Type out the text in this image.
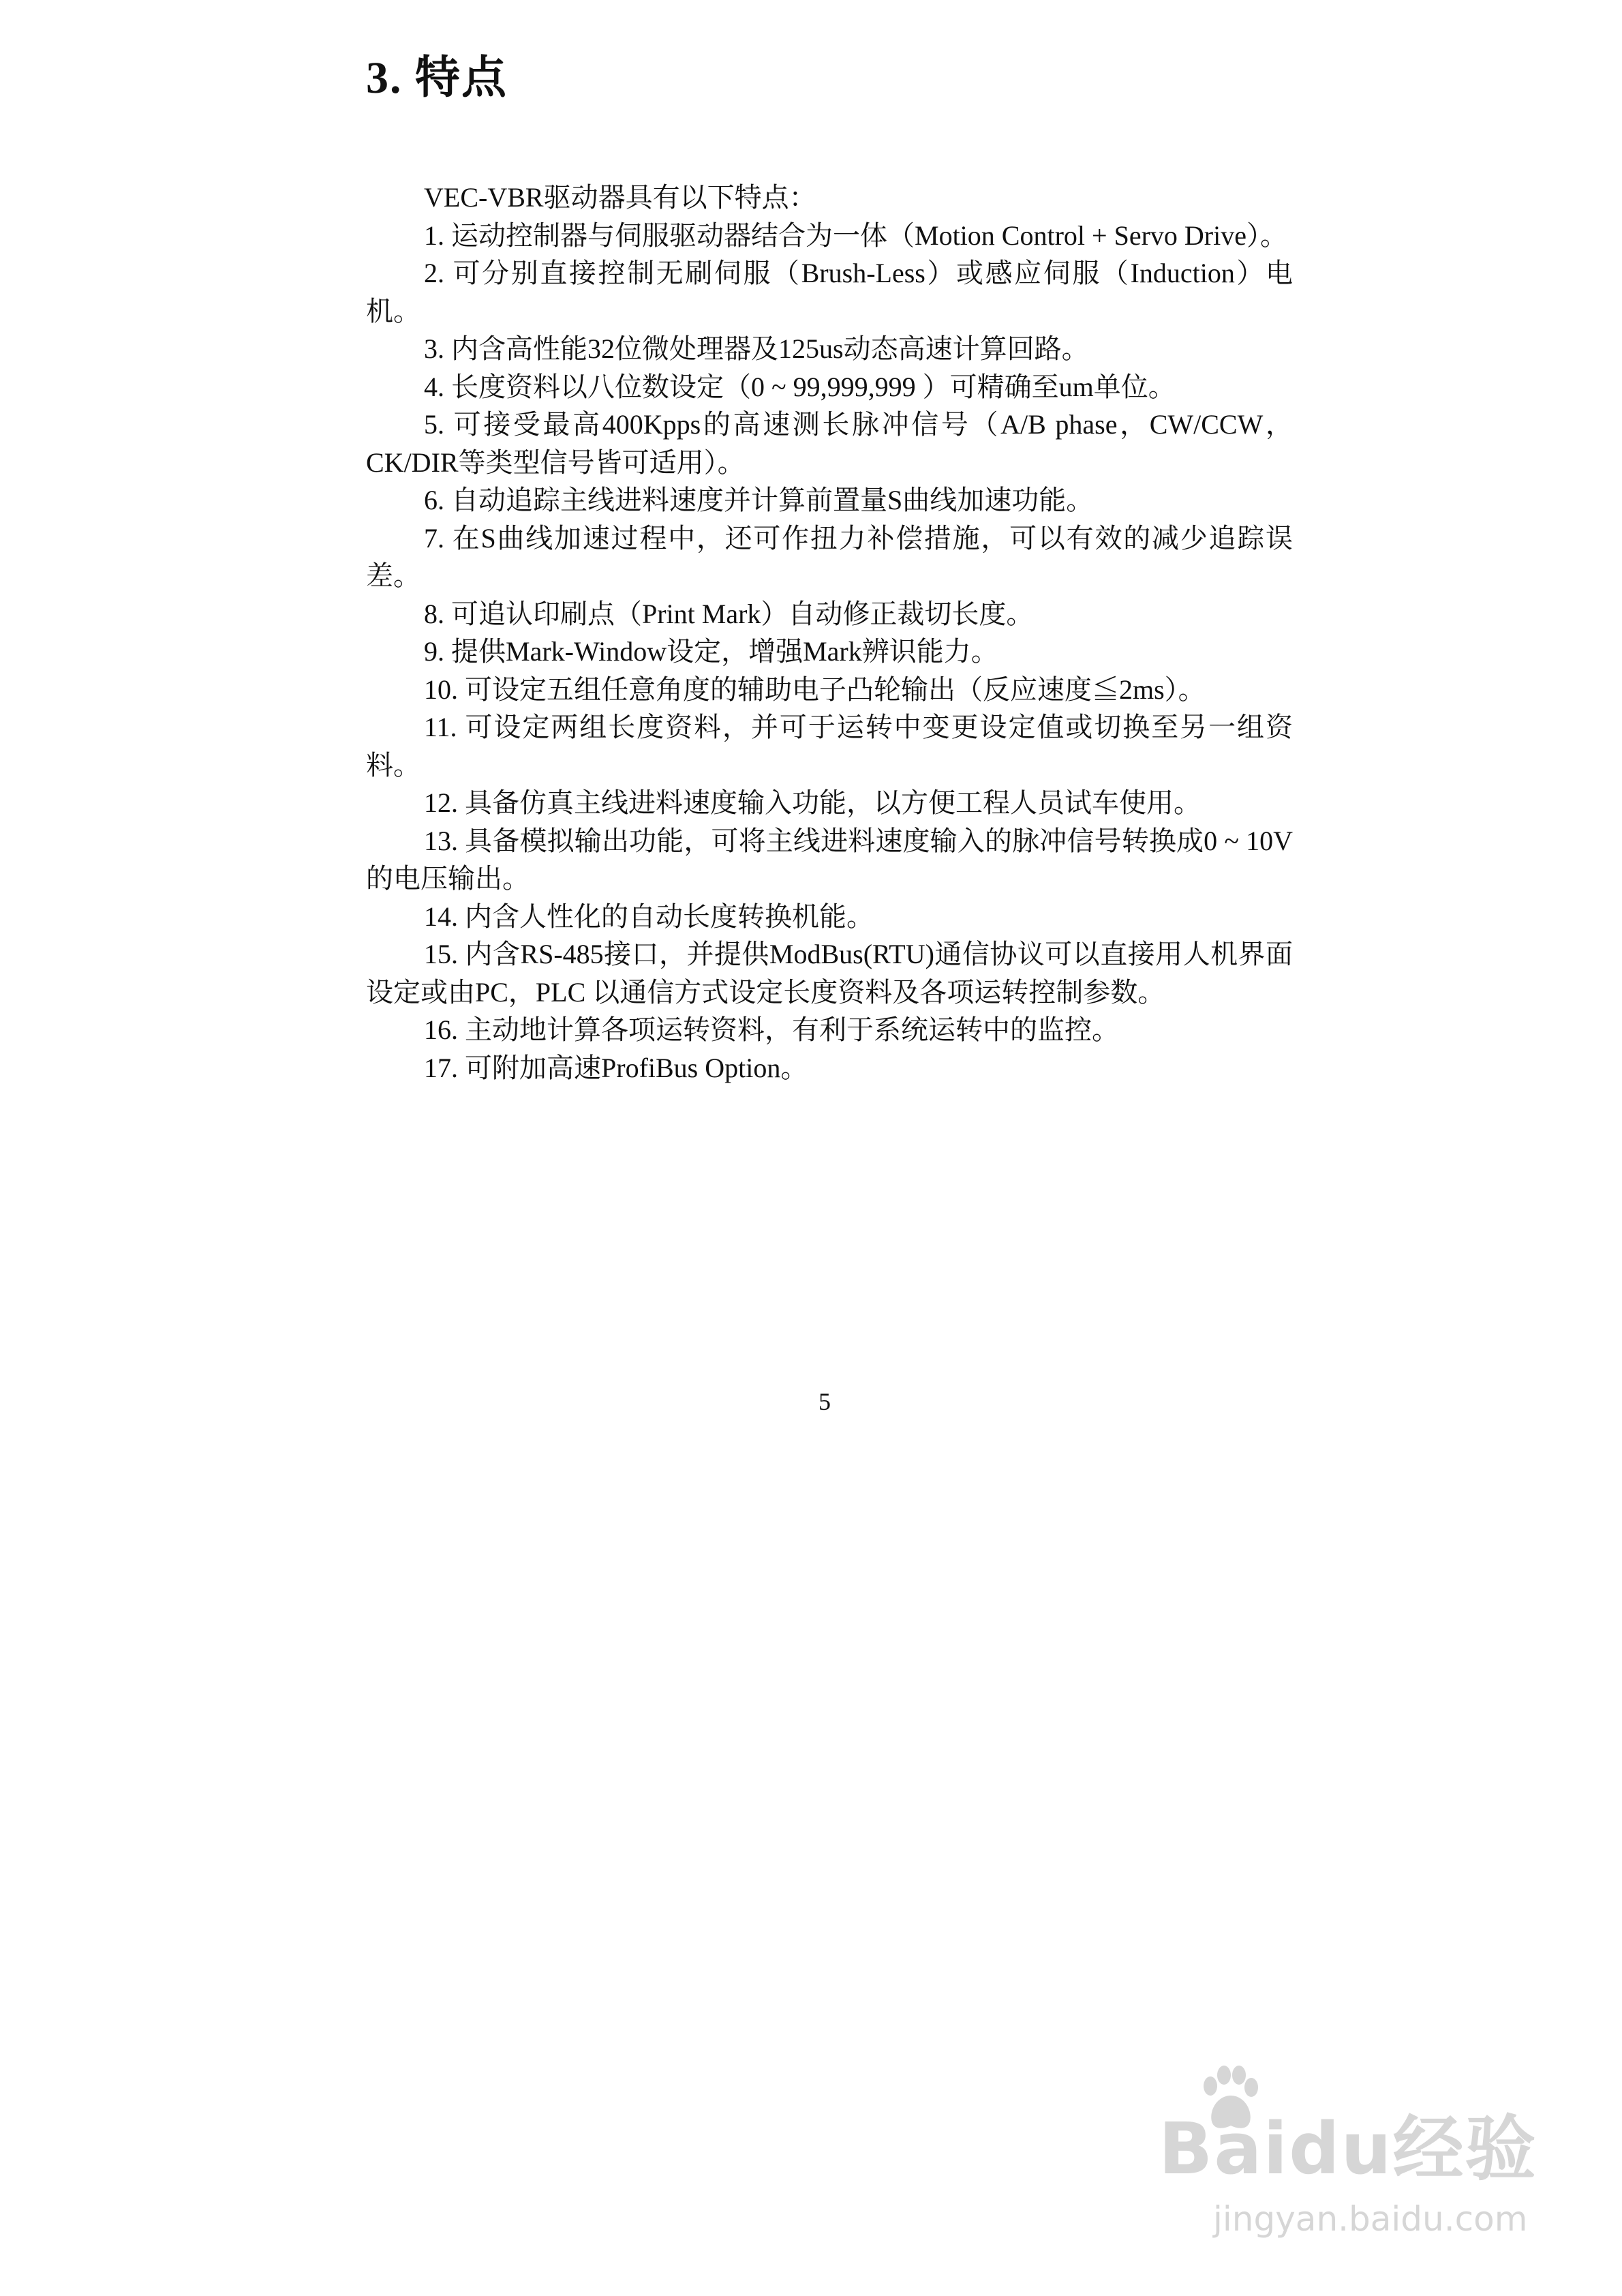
3. 特点

VEC-VBR驱动器具有以下特点：

1. 运动控制器与伺服驱动器结合为一体（Motion Control + Servo Drive）。

2. 可分别直接控制无刷伺服（Brush-Less）或感应伺服（Induction）电机。

3. 内含高性能32位微处理器及125us动态高速计算回路。

4. 长度资料以八位数设定（0 ~ 99,999,999 ）可精确至um单位。

5. 可接受最高400Kpps的高速测长脉冲信号（A/B phase，CW/CCW，CK/DIR等类型信号皆可适用）。

6. 自动追踪主线进料速度并计算前置量S曲线加速功能。

7. 在S曲线加速过程中，还可作扭力补偿措施，可以有效的减少追踪误差。

8. 可追认印刷点（Print Mark）自动修正裁切长度。

9. 提供Mark-Window设定，增强Mark辨识能力。

10. 可设定五组任意角度的辅助电子凸轮输出（反应速度≦2ms）。

11. 可设定两组长度资料，并可于运转中变更设定值或切换至另一组资料。

12. 具备仿真主线进料速度输入功能，以方便工程人员试车使用。

13. 具备模拟输出功能，可将主线进料速度输入的脉冲信号转换成0 ~ 10V的电压输出。

14. 内含人性化的自动长度转换机能。

15. 内含RS-485接口，并提供ModBus(RTU)通信协议可以直接用人机界面设定或由PC，PLC 以通信方式设定长度资料及各项运转控制参数。

16. 主动地计算各项运转资料，有利于系统运转中的监控。

17. 可附加高速ProfiBus Option。

5
Baidu经验
jingyan.baidu.com
